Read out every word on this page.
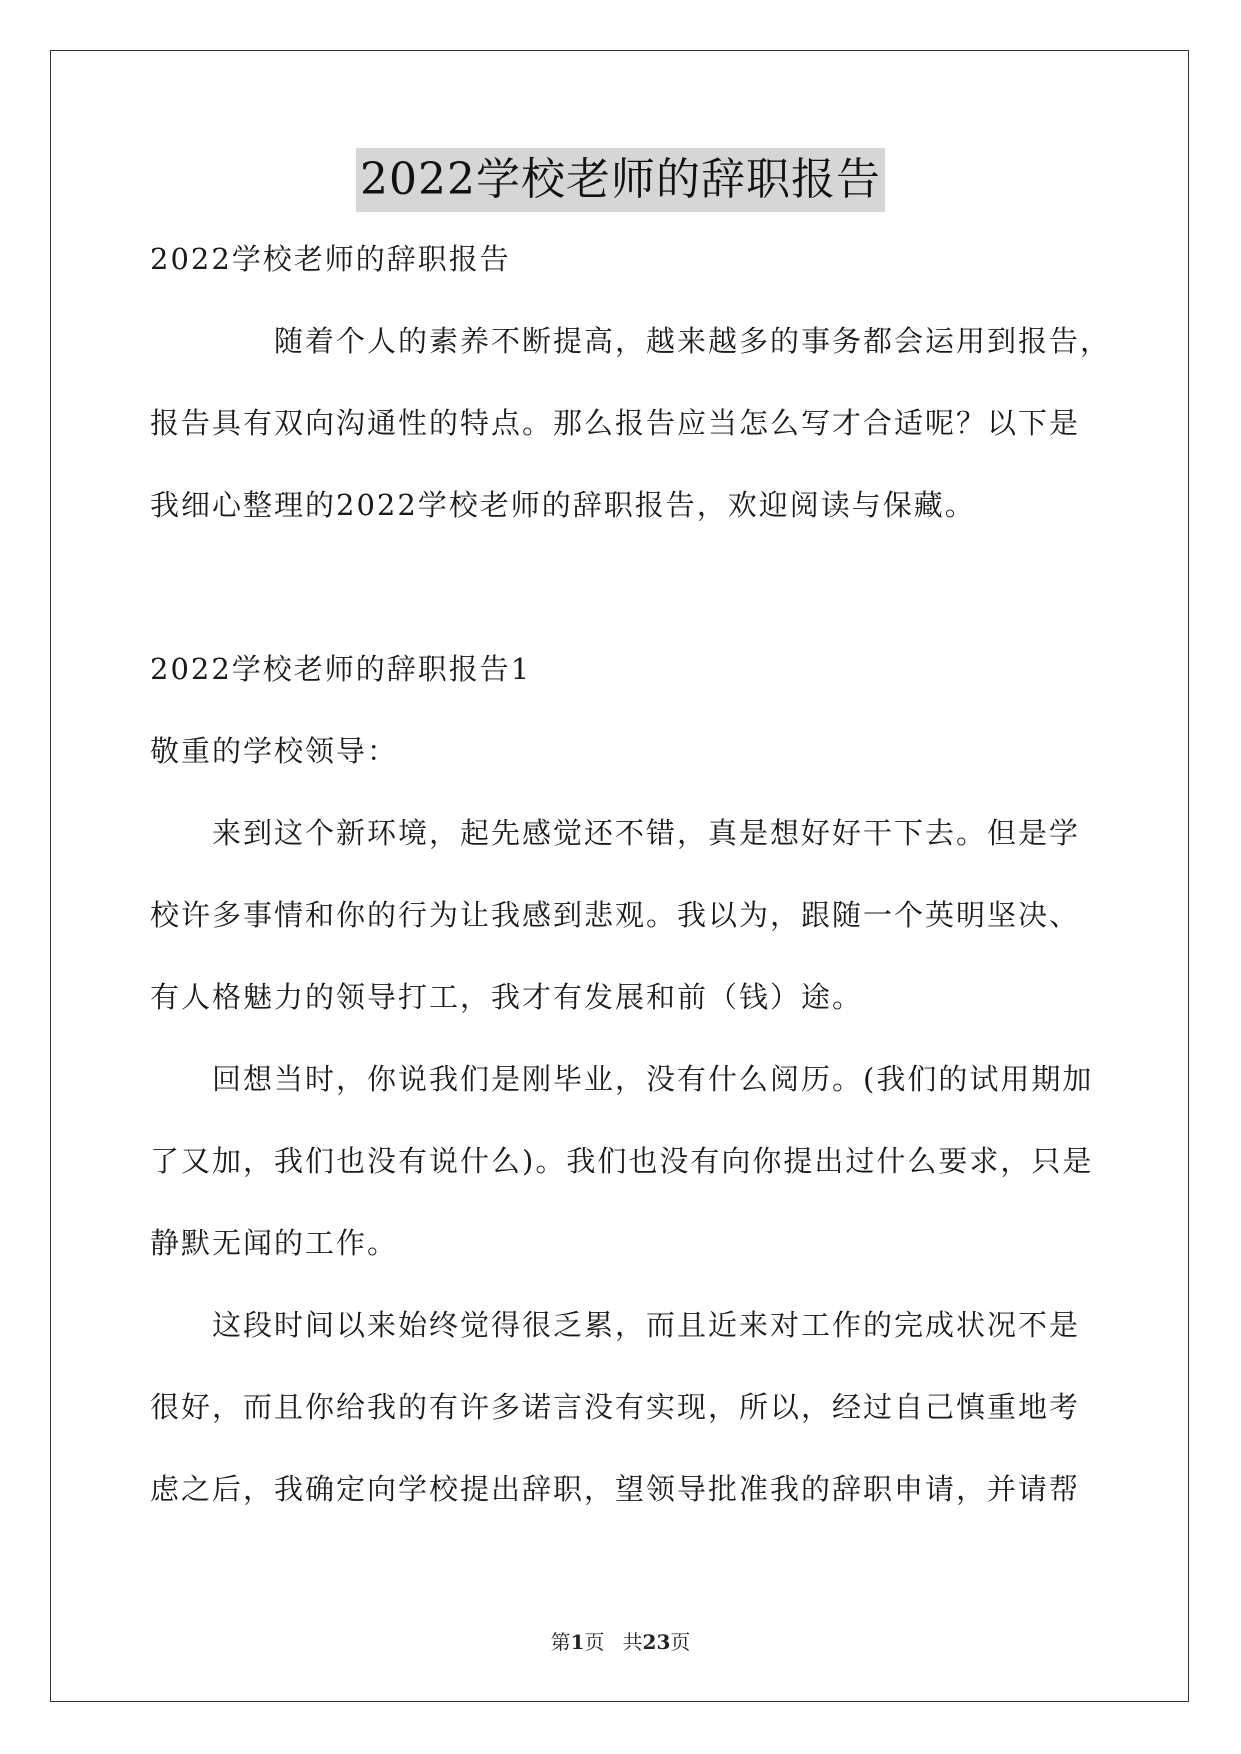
2022学校老师的辞职报告
2022学校老师的辞职报告
随着个人的素养不断提高，越来越多的事务都会运用到报告，
报告具有双向沟通性的特点。那么报告应当怎么写才合适呢？以下是
我细心整理的2022学校老师的辞职报告，欢迎阅读与保藏。
2022学校老师的辞职报告1
敬重的学校领导：
来到这个新环境，起先感觉还不错，真是想好好干下去。但是学
校许多事情和你的行为让我感到悲观。我以为，跟随一个英明坚决、
有人格魅力的领导打工，我才有发展和前（钱）途。
回想当时，你说我们是刚毕业，没有什么阅历。(我们的试用期加
了又加，我们也没有说什么)。我们也没有向你提出过什么要求，只是
静默无闻的工作。
这段时间以来始终觉得很乏累，而且近来对工作的完成状况不是
很好，而且你给我的有许多诺言没有实现，所以，经过自己慎重地考
虑之后，我确定向学校提出辞职，望领导批准我的辞职申请，并请帮
第1页 共23页
